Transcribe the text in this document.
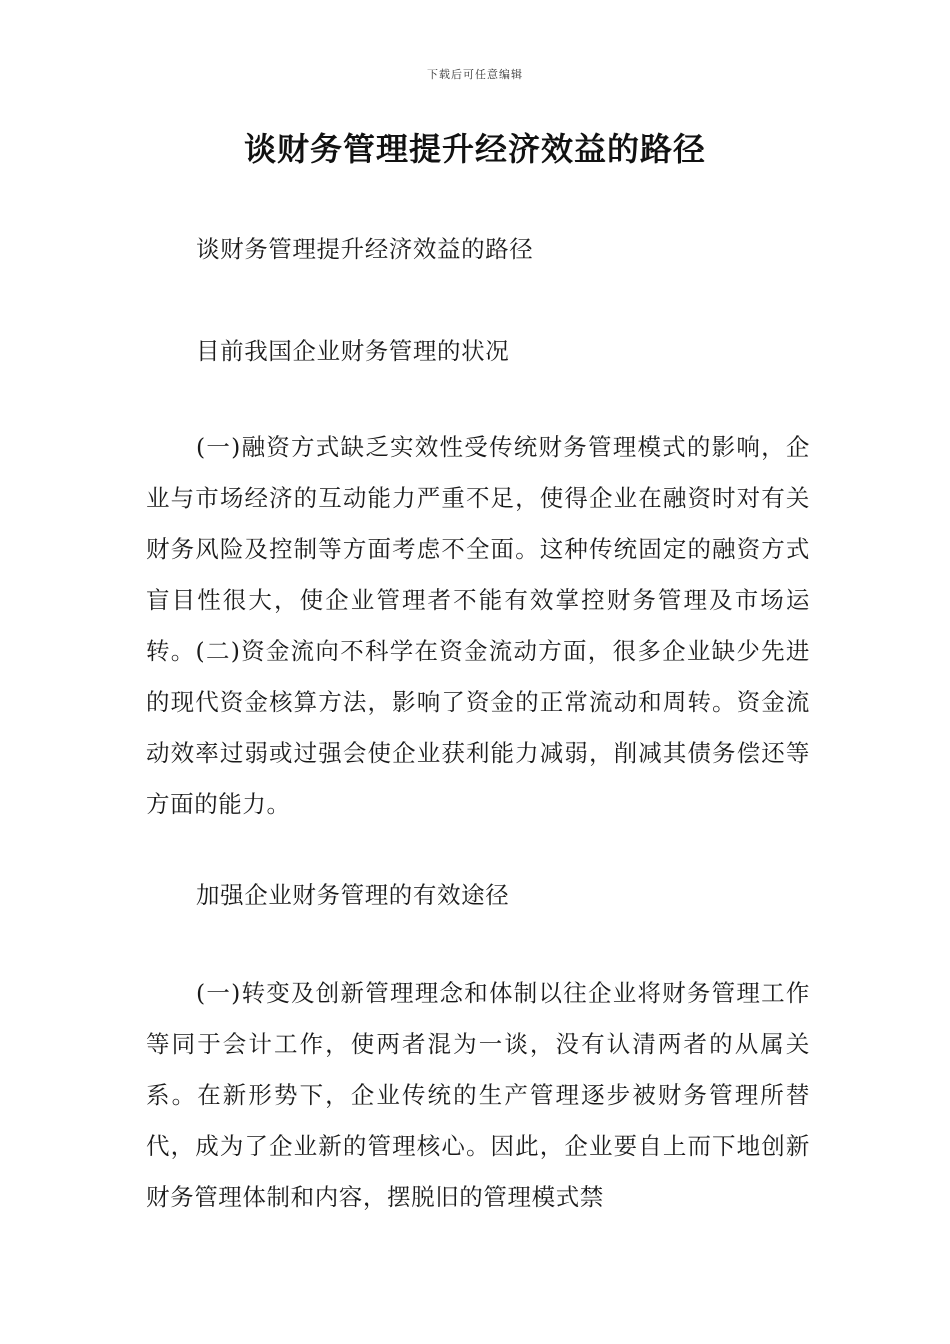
下载后可任意编辑
谈财务管理提升经济效益的路径
谈财务管理提升经济效益的路径
目前我国企业财务管理的状况
(一)融资方式缺乏实效性受传统财务管理模式的影响，企业与市场经济的互动能力严重不足，使得企业在融资时对有关财务风险及控制等方面考虑不全面。这种传统固定的融资方式盲目性很大，使企业管理者不能有效掌控财务管理及市场运转。(二)资金流向不科学在资金流动方面，很多企业缺少先进的现代资金核算方法，影响了资金的正常流动和周转。资金流动效率过弱或过强会使企业获利能力减弱，削减其债务偿还等方面的能力。
加强企业财务管理的有效途径
(一)转变及创新管理理念和体制以往企业将财务管理工作等同于会计工作，使两者混为一谈，没有认清两者的从属关系。在新形势下，企业传统的生产管理逐步被财务管理所替代，成为了企业新的管理核心。因此，企业要自上而下地创新财务管理体制和内容，摆脱旧的管理模式禁
